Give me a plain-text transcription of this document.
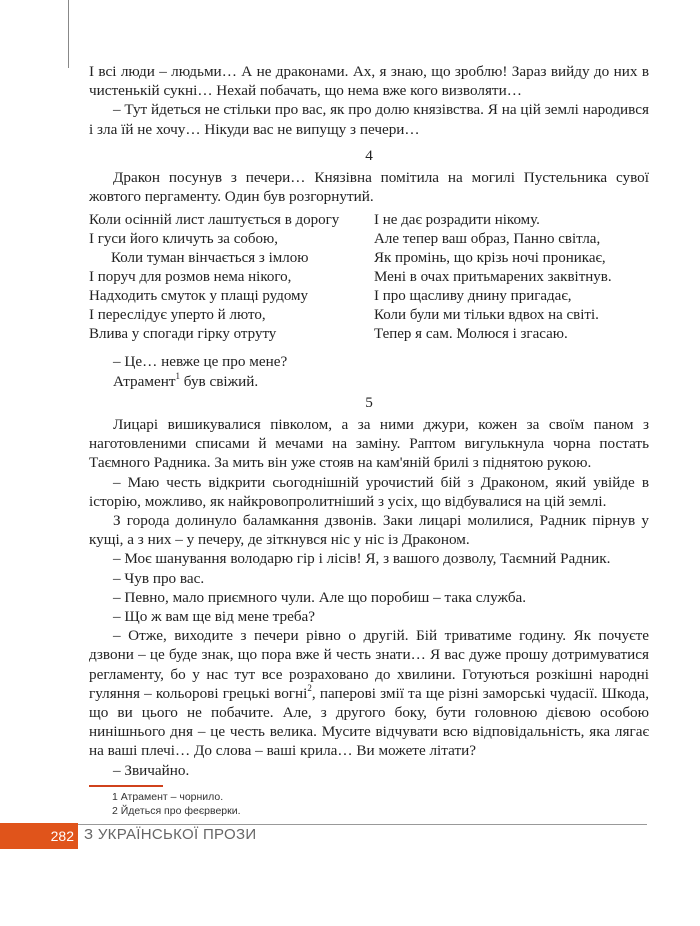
І всі люди – людьми… А не драконами. Ах, я знаю, що зроблю! Зараз вийду до них в чистенькій сукні… Нехай побачать, що нема вже кого визволяти…

– Тут йдеться не стільки про вас, як про долю князівства. Я на цій землі народився і зла їй не хочу… Нікуди вас не випущу з печери…

4

Дракон посунув з печери… Князівна помітила на могилі Пустельника сувої жовтого пергаменту. Один був розгорнутий.

Коли осінній лист лаштується в дорогу
І гуси його кличуть за собою,
Коли туман вінчається з імлою
І поруч для розмов нема нікого,
Надходить смуток у плащі рудому
І переслідує уперто й люто,
Влива у спогади гірку отруту
І не дає розрадити нікому.
Але тепер ваш образ, Панно світла,
Як промінь, що крізь ночі проникає,
Мені в очах притьмарених заквітнув.
І про щасливу днину пригадає,
Коли були ми тільки вдвох на світі.
Тепер я сам. Молюся і згасаю.

– Це… невже це про мене?

Атрамент$^1$ був свіжий.

5

Лицарі вишикувалися півколом, а за ними джури, кожен за своїм паном з наготовленими списами й мечами на заміну. Раптом вигулькнула чорна постать Таємного Радника. За мить він уже стояв на кам'яній брилі з піднятою рукою.

– Маю честь відкрити сьогоднішній урочистий бій з Драконом, який увійде в історію, можливо, як найкровопролитніший з усіх, що відбувалися на цій землі.

З города долинуло баламкання дзвонів. Заки лицарі молилися, Радник пірнув у кущі, а з них – у печеру, де зіткнувся ніс у ніс із Драконом.

– Моє шанування володарю гір і лісів! Я, з вашого дозволу, Таємний Радник.

– Чув про вас.

– Певно, мало приємного чули. Але що поробиш – така служба.

– Що ж вам ще від мене треба?

– Отже, виходите з печери рівно о другій. Бій триватиме годину. Як почуєте дзвони – це буде знак, що пора вже й честь знати… Я вас дуже прошу дотримуватися регламенту, бо у нас тут все розраховано до хвилини. Готуються розкішні народні гуляння – кольорові грецькі вогні$^2$, паперові змії та ще різні заморські чудасії. Шкода, що ви цього не побачите. Але, з другого боку, бути головною дієвою особою нинішнього дня – це честь велика. Мусите відчувати всю відповідальність, яка лягає на ваші плечі… До слова – ваші крила… Ви можете літати?

– Звичайно.

1 Атрамент – чорнило.
2 Йдеться про феєрверки.
282 З УКРАЇНСЬКОЇ ПРОЗИ
